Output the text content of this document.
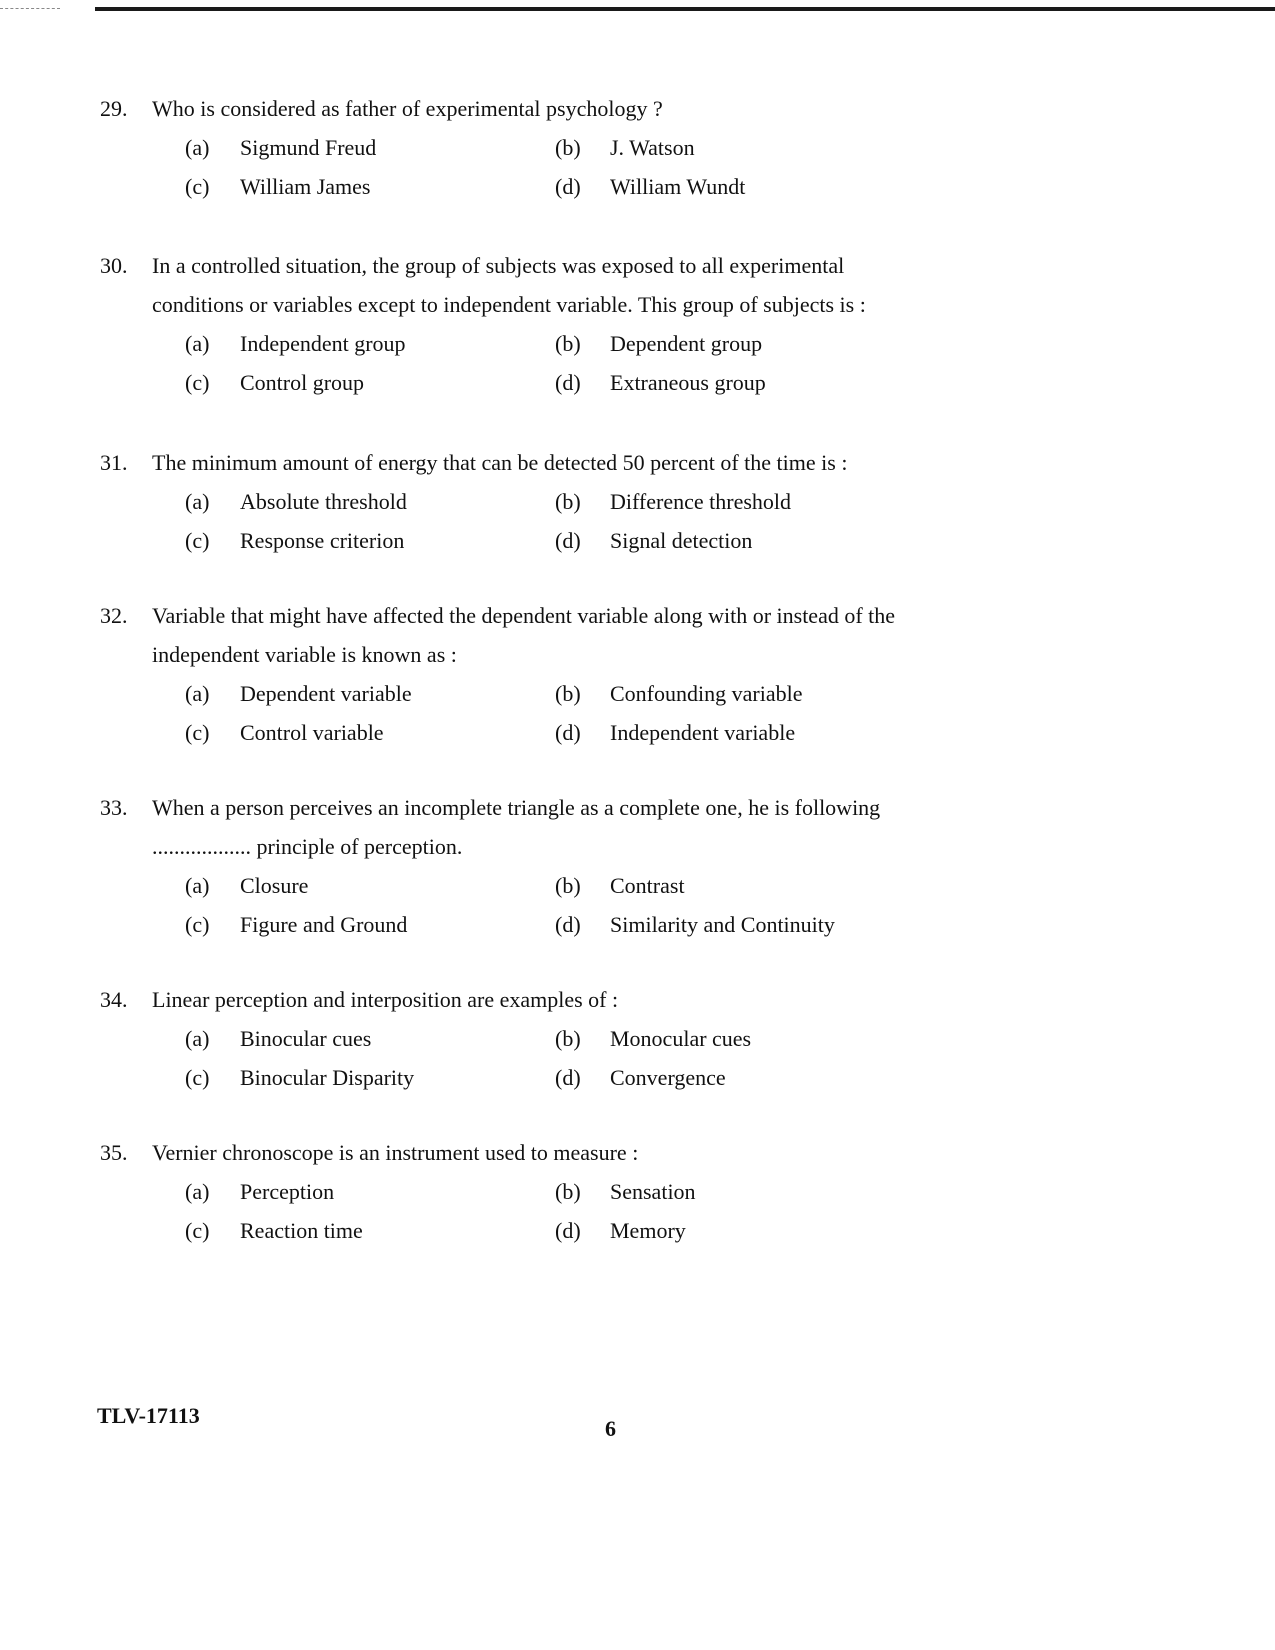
29.	Who is considered as father of experimental psychology ?
(a)	Sigmund Freud	(b)	J. Watson
(c)	William James	(d)	William Wundt
30.	In a controlled situation, the group of subjects was exposed to all experimental conditions or variables except to independent variable. This group of subjects is :
(a)	Independent group	(b)	Dependent group
(c)	Control group	(d)	Extraneous group
31.	The minimum amount of energy that can be detected 50 percent of the time is :
(a)	Absolute threshold	(b)	Difference threshold
(c)	Response criterion	(d)	Signal detection
32.	Variable that might have affected the dependent variable along with or instead of the independent variable is known as :
(a)	Dependent variable	(b)	Confounding variable
(c)	Control variable	(d)	Independent variable
33.	When a person perceives an incomplete triangle as a complete one, he is following .................. principle of perception.
(a)	Closure	(b)	Contrast
(c)	Figure and Ground	(d)	Similarity and Continuity
34.	Linear perception and interposition are examples of :
(a)	Binocular cues	(b)	Monocular cues
(c)	Binocular Disparity	(d)	Convergence
35.	Vernier chronoscope is an instrument used to measure :
(a)	Perception	(b)	Sensation
(c)	Reaction time	(d)	Memory
TLV-17113
6
